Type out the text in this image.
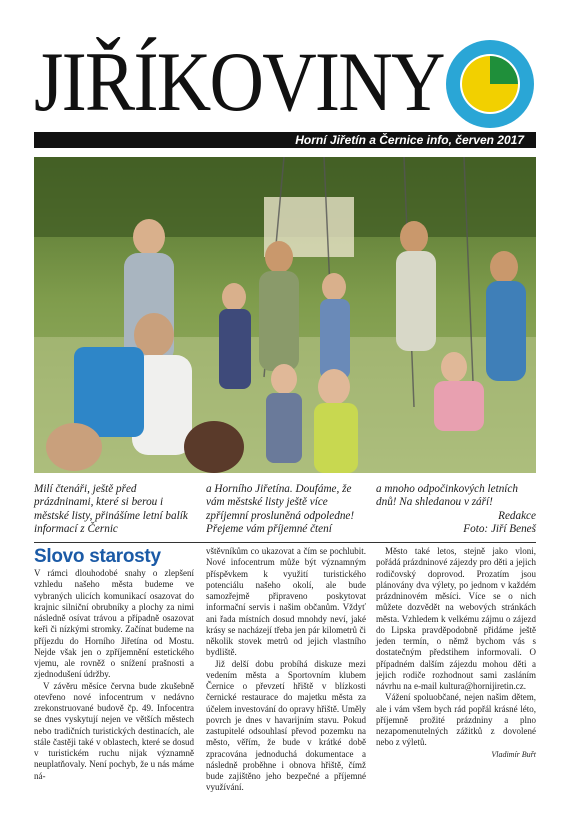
JIŘÍKOVINY
Horní Jiřetín a Černice info, červen 2017
Milí čtenáři, ještě před prázdninami, které si berou i městské listy, přinášíme letní balík informací z Černic
a Horního Jiřetína. Doufáme, že vám městské listy ještě více zpříjemní prosluněná odpoledne! Přejeme vám příjemné čtení
a mnoho odpočinkových letních dnů! Na shledanou v září!
Redakce
Foto: Jiří Beneš
Slovo starosty

V rámci dlouhodobé snahy o zlepšení vzhledu našeho města budeme ve vybraných ulicích komunikací osazovat do krajnic silniční obrubníky a plochy za nimi následně osívat trávou a případně osazovat keři či nízkými stromky. Začínat budeme na příjezdu do Horního Jiřetína od Mostu. Nejde však jen o zpříjemnění estetického vjemu, ale rovněž o snížení prašnosti a zjednodušení údržby.

V závěru měsíce června bude zkušebně otevřeno nové infocentrum v nedávno zrekonstruované budově čp. 49. Infocentra se dnes vyskytují nejen ve větších městech nebo tradičních turistických destinacích, ale stále častěji také v oblastech, které se dosud v turistickém ruchu nijak významně neuplatňovaly. Není pochyb, že u nás máme ná-

vštěvníkům co ukazovat a čím se pochlubit. Nové infocentrum může být významným příspěvkem k využití turistického potenciálu našeho okolí, ale bude samozřejmě připraveno poskytovat informační servis i našim občanům. Vždyť ani řada místních dosud mnohdy neví, jaké krásy se nacházejí třeba jen pár kilometrů či několik stovek metrů od jejich vlastního bydliště.

Již delší dobu probíhá diskuze mezi vedením města a Sportovním klubem Černice o převzetí hřiště v blízkosti černické restaurace do majetku města za účelem investování do opravy hřiště. Uměly povrch je dnes v havarijním stavu. Pokud zastupitelé odsouhlasí převod pozemku na město, věřím, že bude v krátké době zpracována jednoduchá dokumentace a následně proběhne i obnova hřiště, čímž bude zajištěno jeho bezpečné a příjemné využívání.

Město také letos, stejně jako vloni, pořádá prázdninové zájezdy pro děti a jejich rodičovský doprovod. Prozatím jsou plánovány dva výlety, po jednom v každém prázdninovém měsíci. Více se o nich můžete dozvědět na webových stránkách města. Vzhledem k velkému zájmu o zájezd do Lipska pravděpodobně přidáme ještě jeden termín, o němž bychom vás s dostatečným předstihem informovali. O případném dalším zájezdu mohou děti a jejich rodiče rozhodnout sami zasláním návrhu na e-mail kultura@hornijiretin.cz.

Vážení spoluobčané, nejen našim dětem, ale i vám všem bych rád popřál krásné léto, příjemně prožité prázdniny a plno nezapomenutelných zážitků z dovolené nebo z výletů.

Vladimír Buřt
